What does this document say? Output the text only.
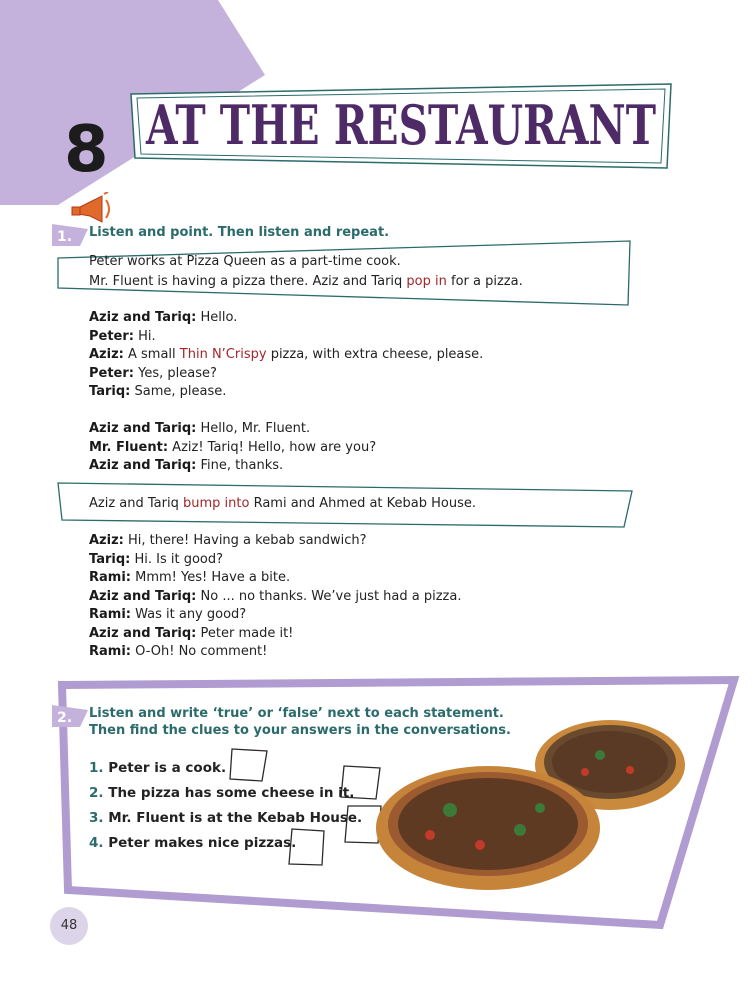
8 AT THE RESTAURANT
1. Listen and point. Then listen and repeat.
Peter works at Pizza Queen as a part-time cook.
Mr. Fluent is having a pizza there. Aziz and Tariq pop in for a pizza.
Aziz and Tariq: Hello.
Peter: Hi.
Aziz: A small Thin N’Crispy pizza, with extra cheese, please.
Peter: Yes, please?
Tariq: Same, please.
Aziz and Tariq: Hello, Mr. Fluent.
Mr. Fluent: Aziz! Tariq! Hello, how are you?
Aziz and Tariq: Fine, thanks.
Aziz and Tariq bump into Rami and Ahmed at Kebab House.
Aziz: Hi, there! Having a kebab sandwich?
Tariq: Hi. Is it good?
Rami: Mmm! Yes! Have a bite.
Aziz and Tariq: No ... no thanks. We’ve just had a pizza.
Rami: Was it any good?
Aziz and Tariq: Peter made it!
Rami: O-Oh! No comment!
2. Listen and write ‘true’ or ‘false’ next to each statement.
Then find the clues to your answers in the conversations.
1. Peter is a cook.
2. The pizza has some cheese in it.
3. Mr. Fluent is at the Kebab House.
4. Peter makes nice pizzas.
48
